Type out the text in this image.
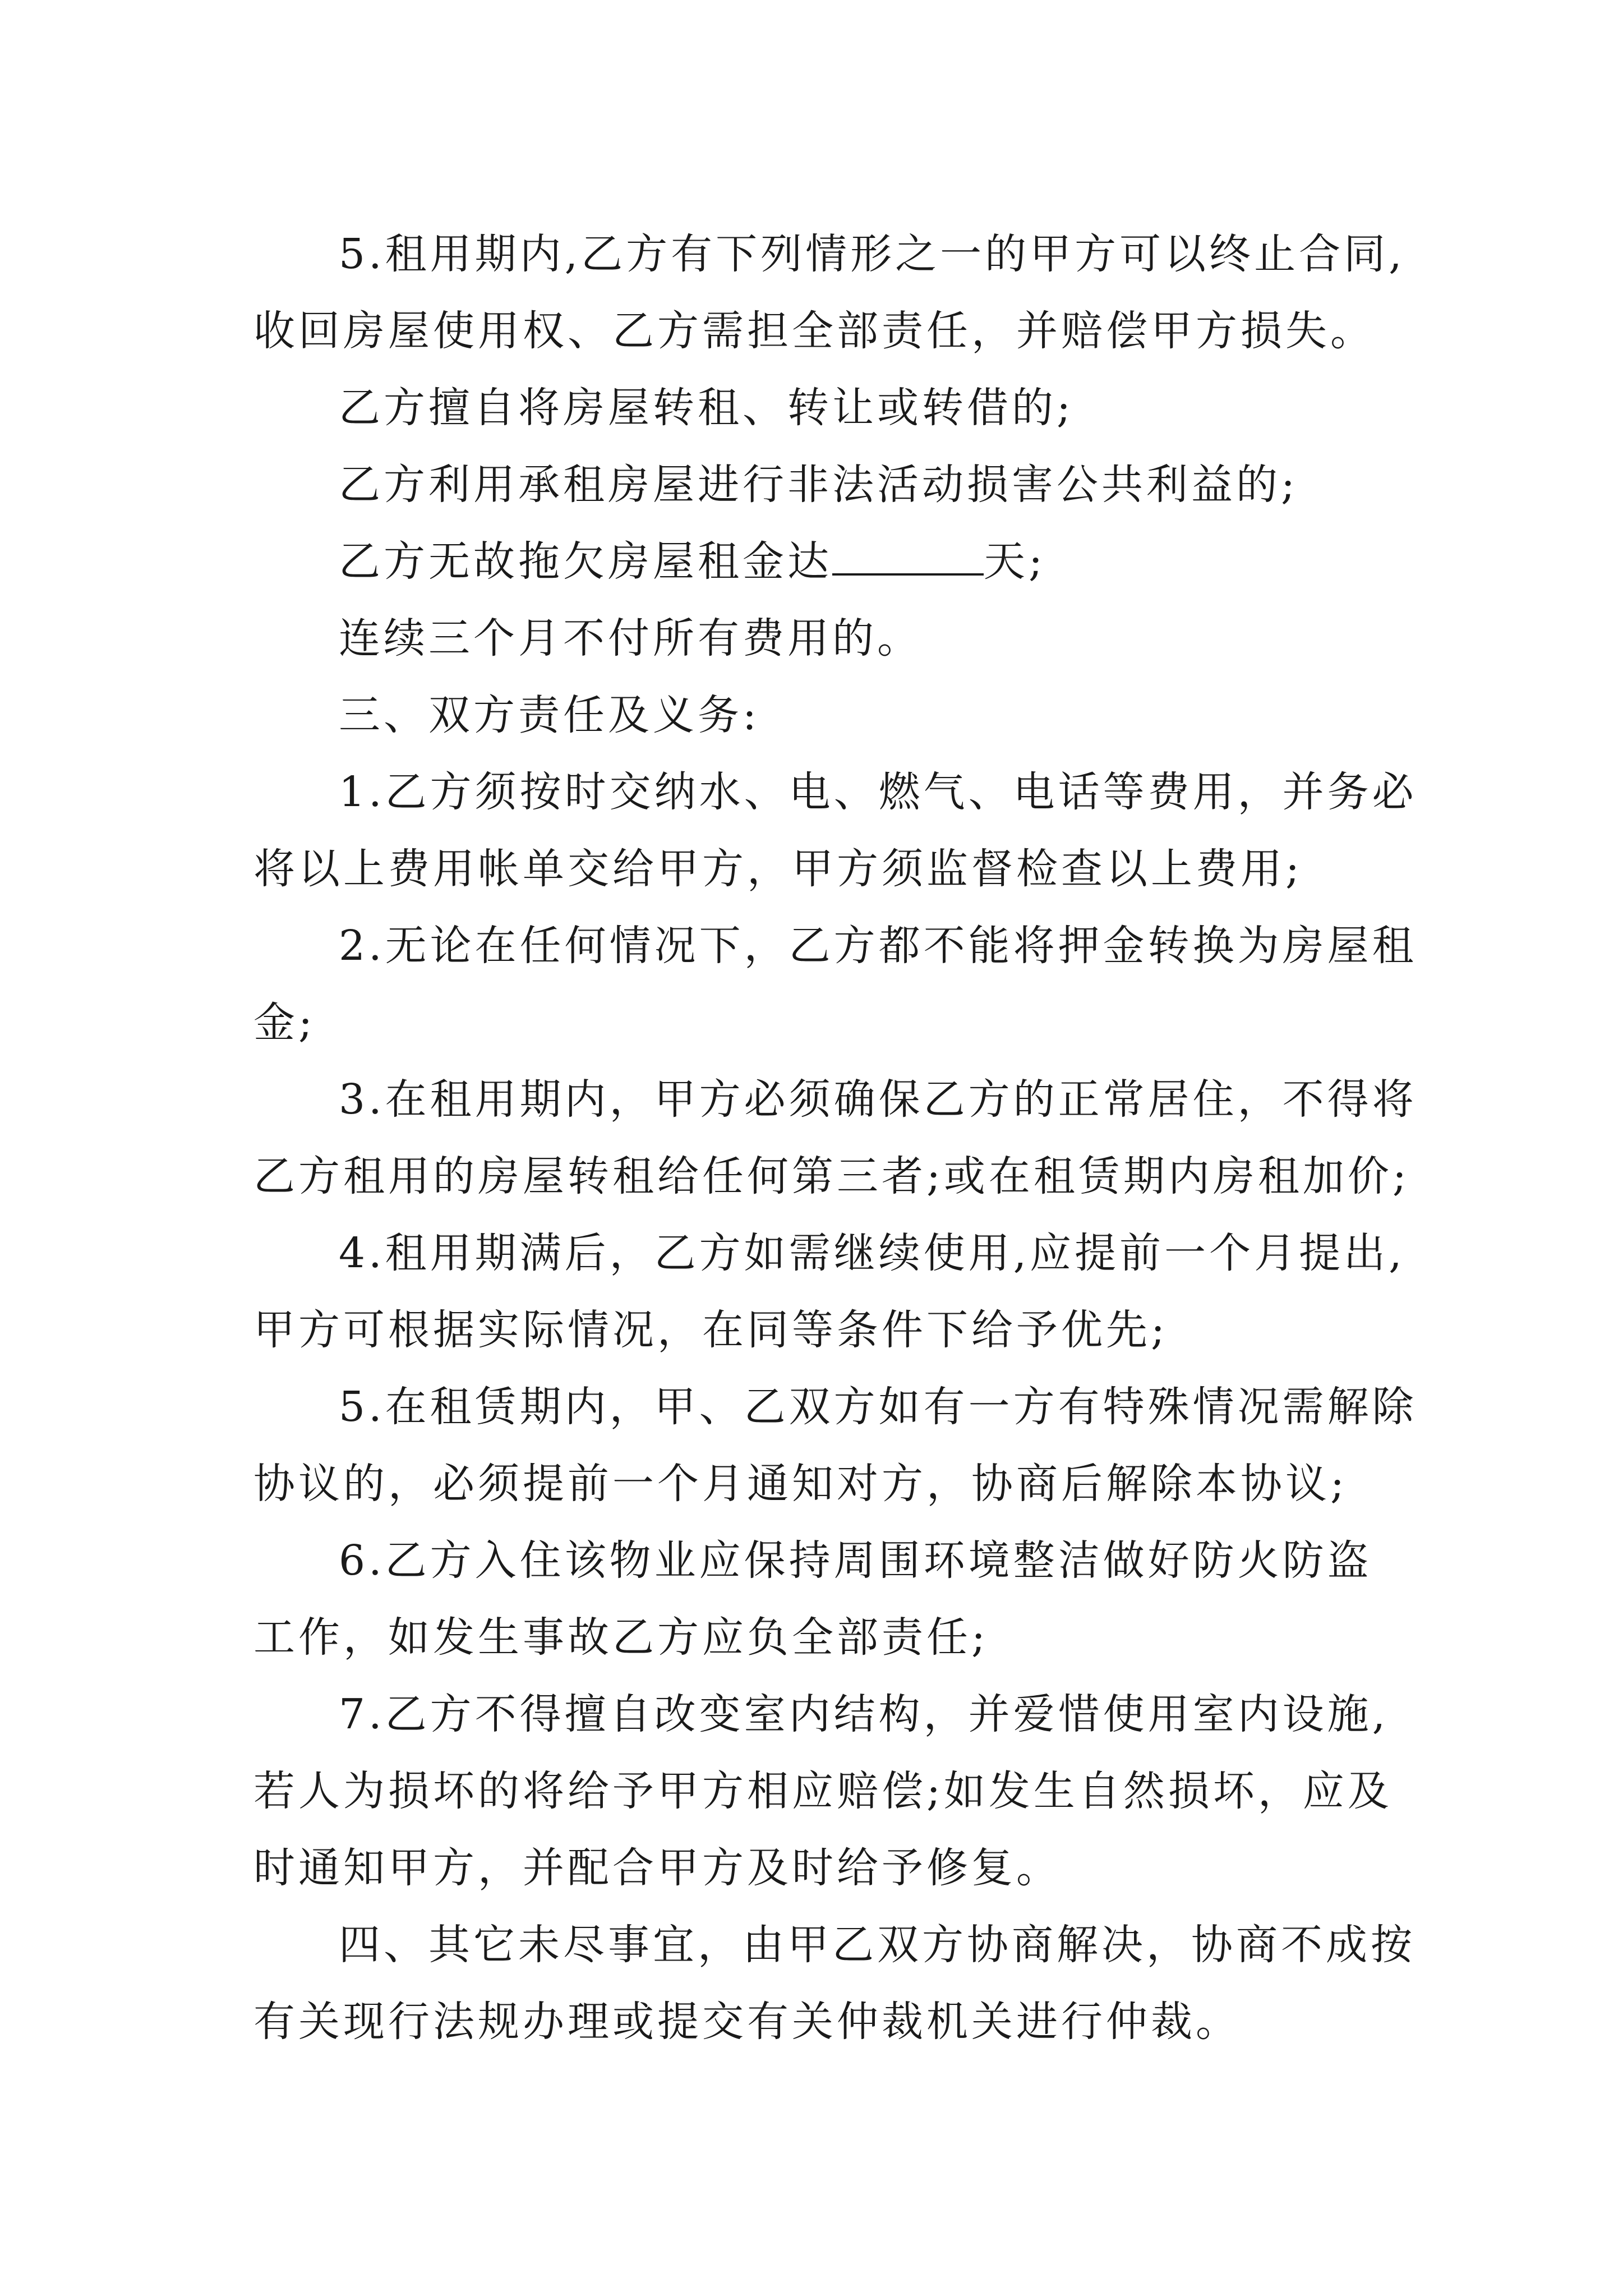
5.租用期内,乙方有下列情形之一的甲方可以终止合同,
收回房屋使用权、乙方需担全部责任，并赔偿甲方损失。
乙方擅自将房屋转租、转让或转借的;
乙方利用承租房屋进行非法活动损害公共利益的;
乙方无故拖欠房屋租金达	天;
连续三个月不付所有费用的。
三、双方责任及义务:
1.乙方须按时交纳水、电、燃气、电话等费用，并务必
将以上费用帐单交给甲方，甲方须监督检查以上费用;
2.无论在任何情况下，乙方都不能将押金转换为房屋租
金;
3.在租用期内，甲方必须确保乙方的正常居住，不得将
乙方租用的房屋转租给任何第三者;或在租赁期内房租加价;
4.租用期满后，乙方如需继续使用,应提前一个月提出,
甲方可根据实际情况，在同等条件下给予优先;
5.在租赁期内，甲、乙双方如有一方有特殊情况需解除
协议的，必须提前一个月通知对方，协商后解除本协议;
6.乙方入住该物业应保持周围环境整洁做好防火防盗
工作，如发生事故乙方应负全部责任;
7.乙方不得擅自改变室内结构，并爱惜使用室内设施,
若人为损坏的将给予甲方相应赔偿;如发生自然损坏，应及
时通知甲方，并配合甲方及时给予修复。
四、其它未尽事宜，由甲乙双方协商解决，协商不成按
有关现行法规办理或提交有关仲裁机关进行仲裁。
